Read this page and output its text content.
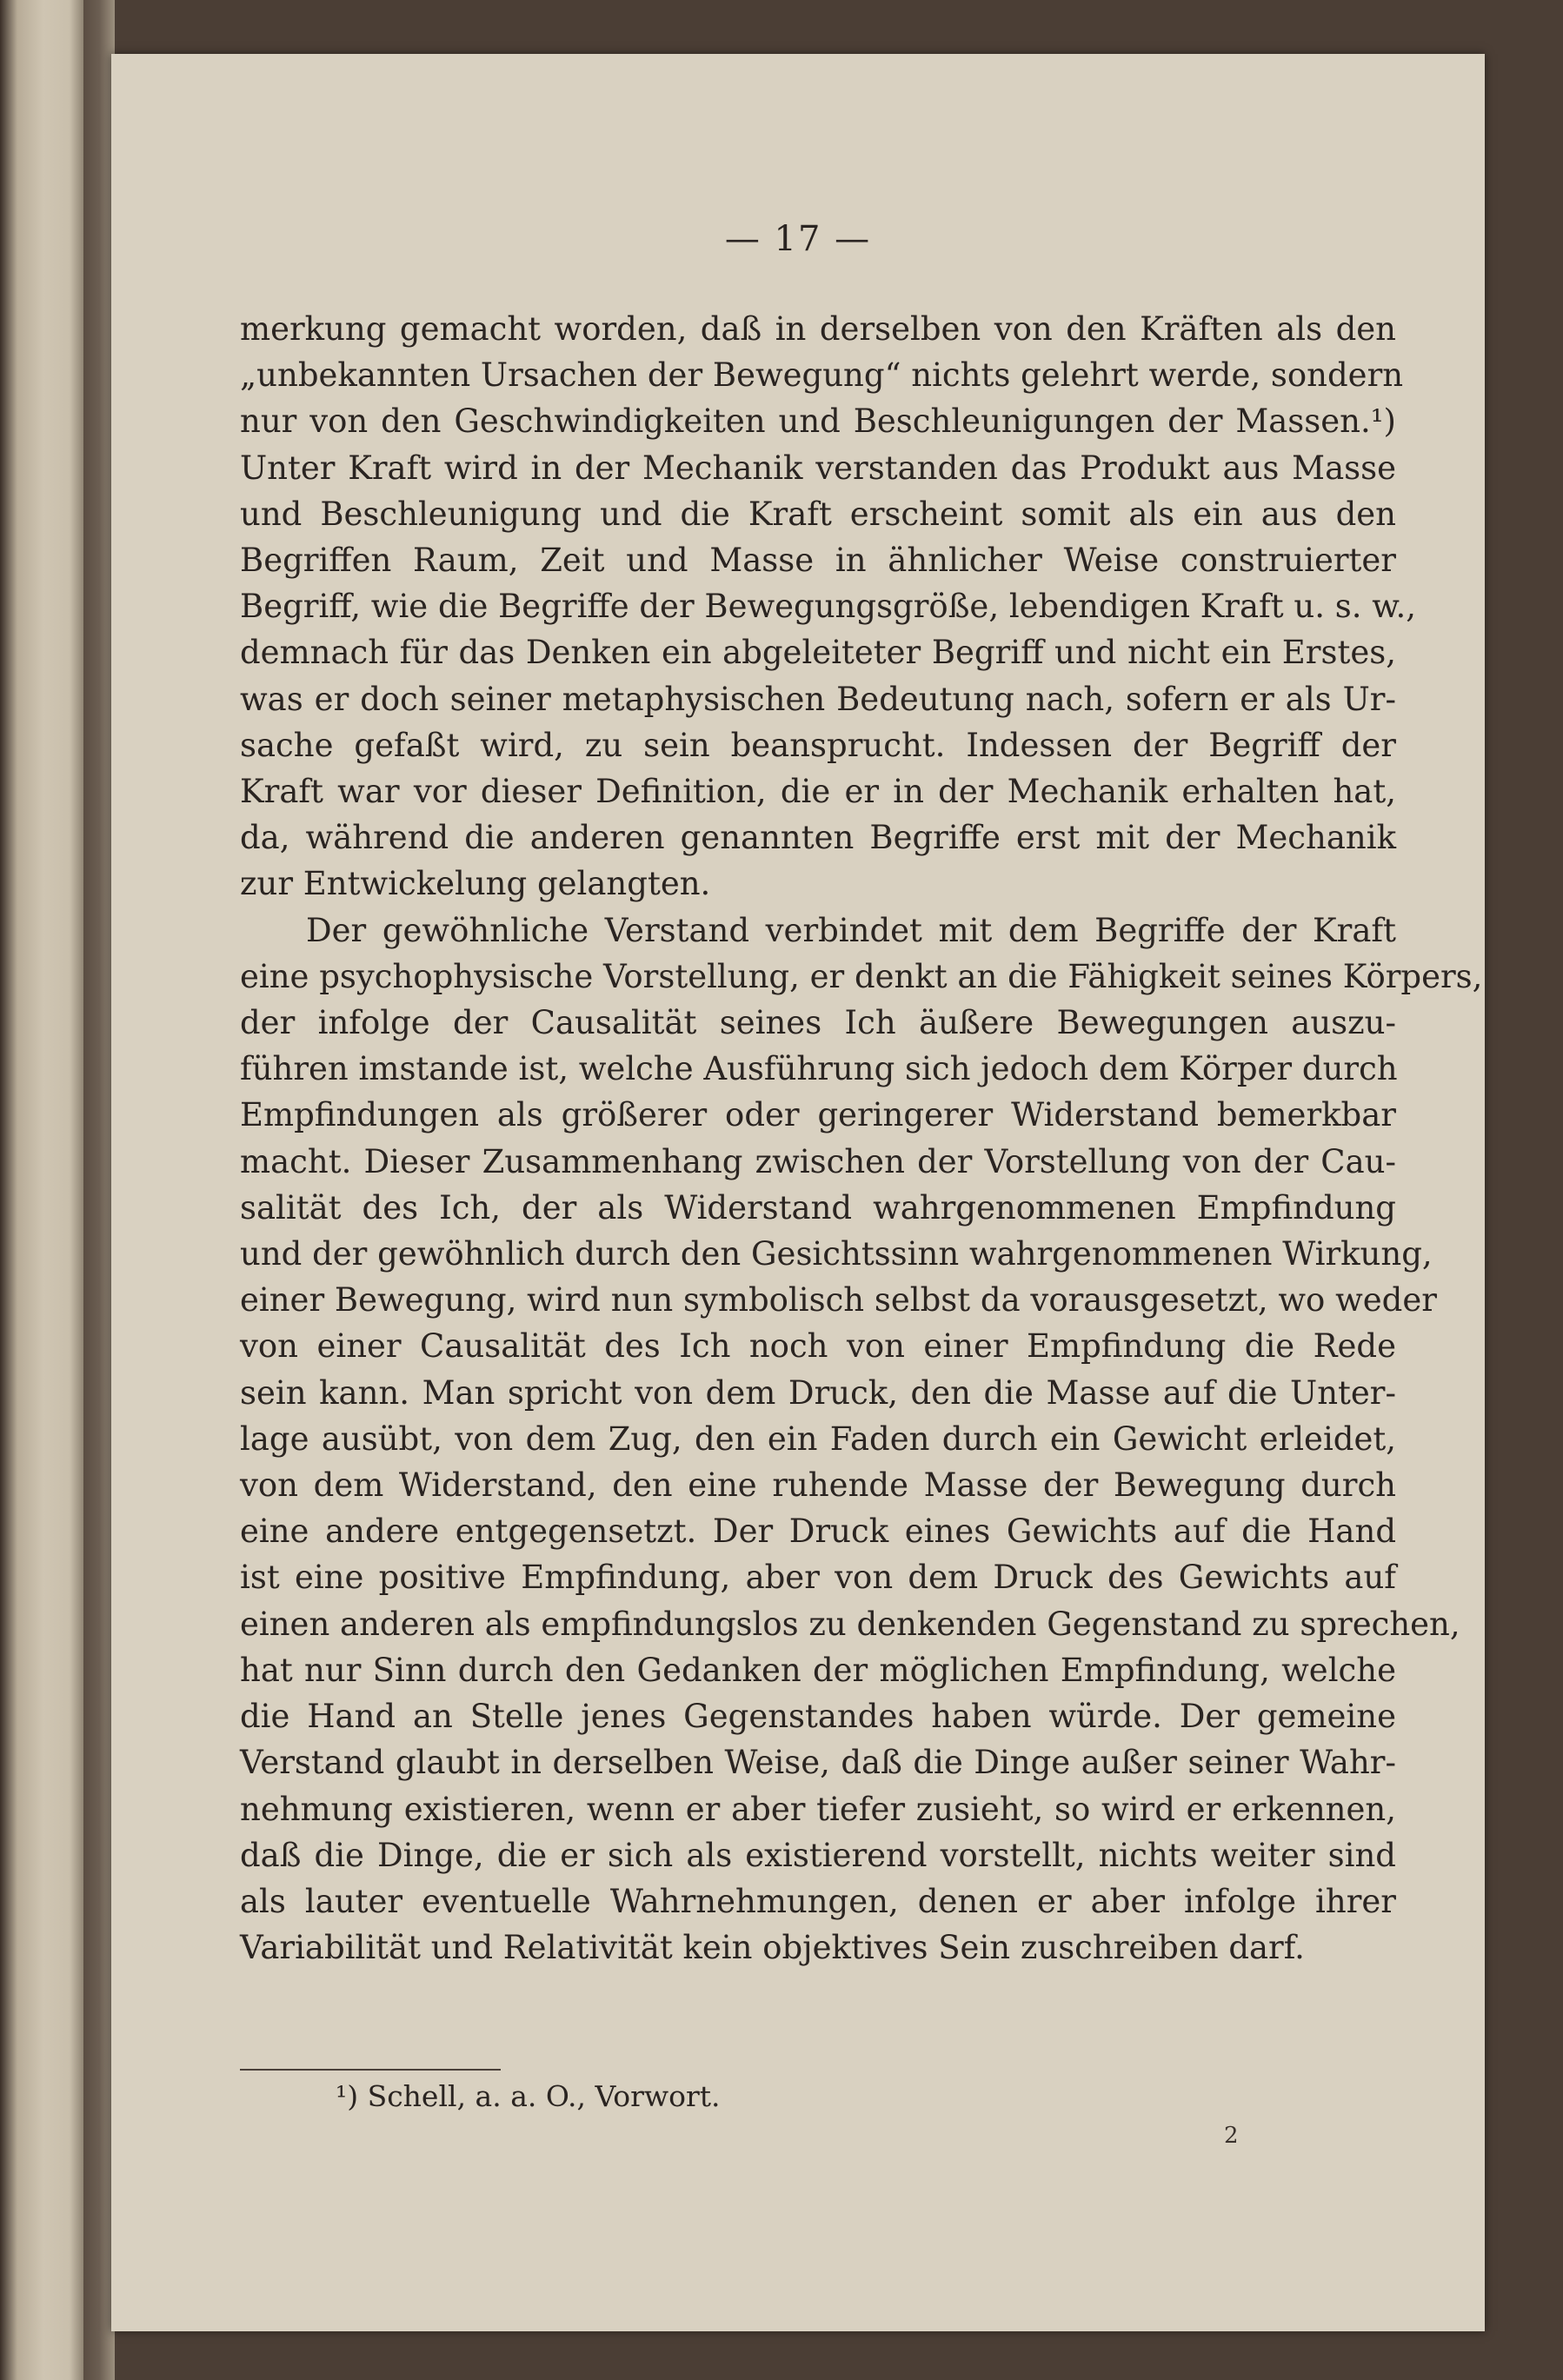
— 17 —
merkung gemacht worden, daß in derselben von den Kräften als den
„unbekannten Ursachen der Bewegung“ nichts gelehrt werde, sondern
nur von den Geschwindigkeiten und Beschleunigungen der Massen.¹)
Unter Kraft wird in der Mechanik verstanden das Produkt aus Masse
und Beschleunigung und die Kraft erscheint somit als ein aus den
Begriffen Raum, Zeit und Masse in ähnlicher Weise construierter
Begriff, wie die Begriffe der Bewegungsgröße, lebendigen Kraft u. s. w.,
demnach für das Denken ein abgeleiteter Begriff und nicht ein Erstes,
was er doch seiner metaphysischen Bedeutung nach, sofern er als Ur-
sache gefaßt wird, zu sein beansprucht. Indessen der Begriff der
Kraft war vor dieser Definition, die er in der Mechanik erhalten hat,
da, während die anderen genannten Begriffe erst mit der Mechanik
zur Entwickelung gelangten.
Der gewöhnliche Verstand verbindet mit dem Begriffe der Kraft
eine psychophysische Vorstellung, er denkt an die Fähigkeit seines Körpers,
der infolge der Causalität seines Ich äußere Bewegungen auszu-
führen imstande ist, welche Ausführung sich jedoch dem Körper durch
Empfindungen als größerer oder geringerer Widerstand bemerkbar
macht. Dieser Zusammenhang zwischen der Vorstellung von der Cau-
salität des Ich, der als Widerstand wahrgenommenen Empfindung
und der gewöhnlich durch den Gesichtssinn wahrgenommenen Wirkung,
einer Bewegung, wird nun symbolisch selbst da vorausgesetzt, wo weder
von einer Causalität des Ich noch von einer Empfindung die Rede
sein kann. Man spricht von dem Druck, den die Masse auf die Unter-
lage ausübt, von dem Zug, den ein Faden durch ein Gewicht erleidet,
von dem Widerstand, den eine ruhende Masse der Bewegung durch
eine andere entgegensetzt. Der Druck eines Gewichts auf die Hand
ist eine positive Empfindung, aber von dem Druck des Gewichts auf
einen anderen als empfindungslos zu denkenden Gegenstand zu sprechen,
hat nur Sinn durch den Gedanken der möglichen Empfindung, welche
die Hand an Stelle jenes Gegenstandes haben würde. Der gemeine
Verstand glaubt in derselben Weise, daß die Dinge außer seiner Wahr-
nehmung existieren, wenn er aber tiefer zusieht, so wird er erkennen,
daß die Dinge, die er sich als existierend vorstellt, nichts weiter sind
als lauter eventuelle Wahrnehmungen, denen er aber infolge ihrer
Variabilität und Relativität kein objektives Sein zuschreiben darf.
¹) Schell, a. a. O., Vorwort.
2
